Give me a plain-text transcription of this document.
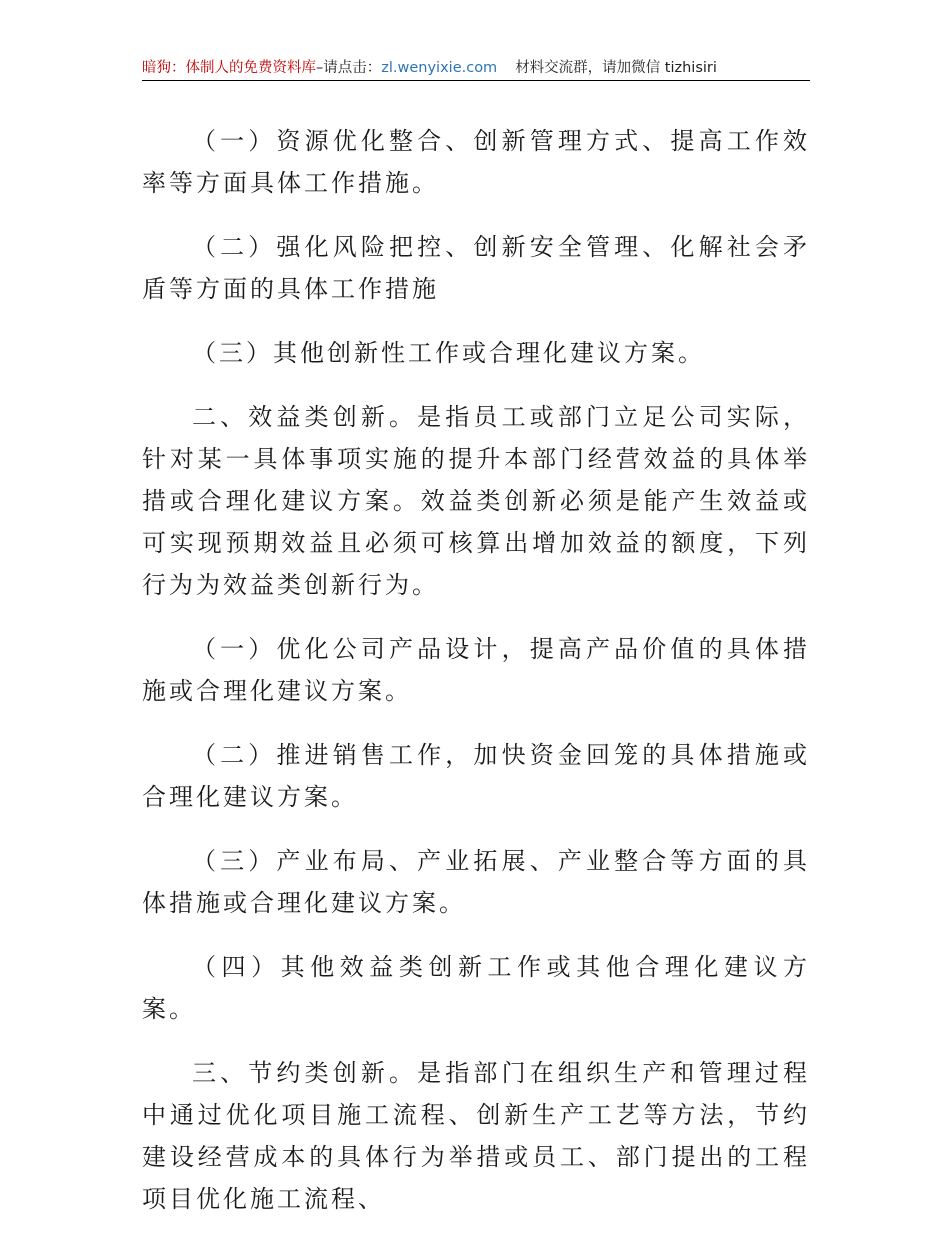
暗狗：体制人的免费资料库–请点击：zl.wenyixie.com 材料交流群，请加微信 tizhisiri

（一）资源优化整合、创新管理方式、提高工作效率等方面具体工作措施。

（二）强化风险把控、创新安全管理、化解社会矛盾等方面的具体工作措施

（三）其他创新性工作或合理化建议方案。

二、效益类创新。是指员工或部门立足公司实际，针对某一具体事项实施的提升本部门经营效益的具体举措或合理化建议方案。效益类创新必须是能产生效益或可实现预期效益且必须可核算出增加效益的额度，下列行为为效益类创新行为。

（一）优化公司产品设计，提高产品价值的具体措施或合理化建议方案。

（二）推进销售工作，加快资金回笼的具体措施或合理化建议方案。

（三）产业布局、产业拓展、产业整合等方面的具体措施或合理化建议方案。

（四）其他效益类创新工作或其他合理化建议方案。

三、节约类创新。是指部门在组织生产和管理过程中通过优化项目施工流程、创新生产工艺等方法，节约建设经营成本的具体行为举措或员工、部门提出的工程项目优化施工流程、
